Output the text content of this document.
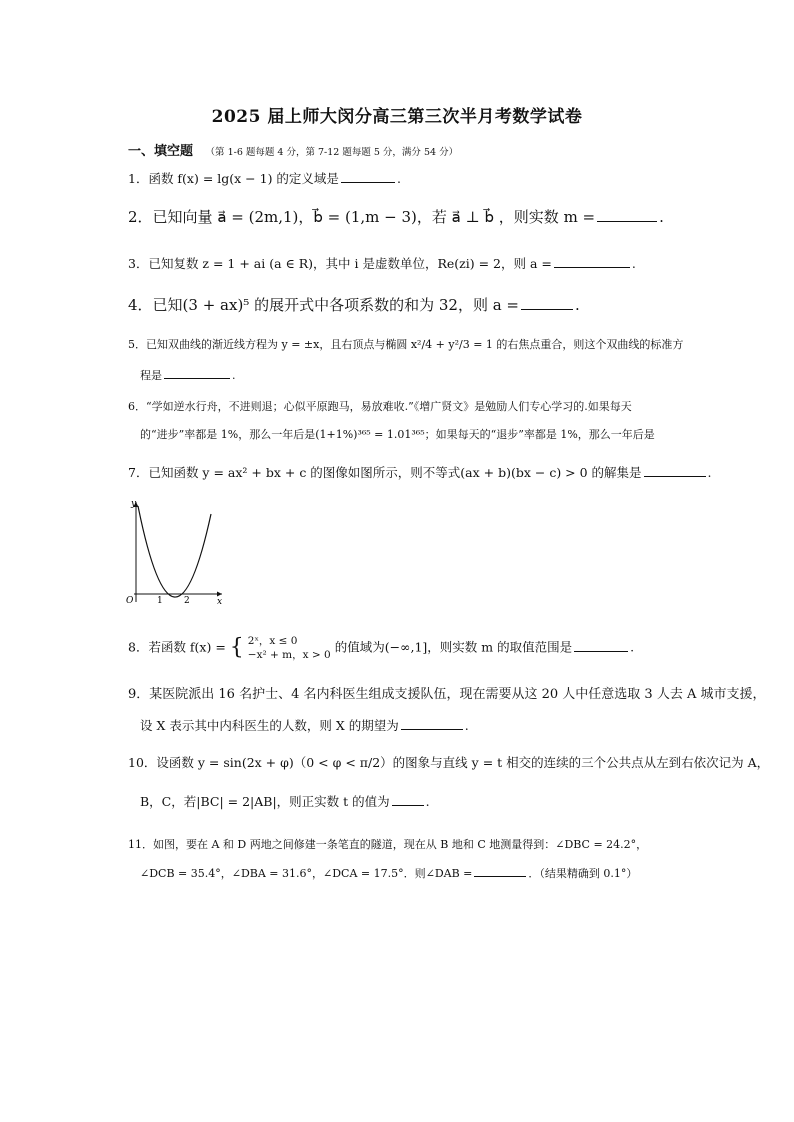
2025 届上师大闵分高三第三次半月考数学试卷
一、填空题 （第 1-6 题每题 4 分，第 7-12 题每题 5 分，满分 54 分）
1．函数 f(x) = lg(x − 1) 的定义域是	.
2．已知向量 a⃗ = (2m,1)，b⃗ = (1,m − 3)，若 a⃗ ⊥ b⃗ ，则实数 m =	.
3．已知复数 z = 1 + ai (a ∈ R)，其中 i 是虚数单位，Re(zi) = 2，则 a =	.
4．已知(3 + ax)⁵ 的展开式中各项系数的和为 32，则 a =	.
5．已知双曲线的渐近线方程为 y = ±x，且右顶点与椭圆 x²/4 + y²/3 = 1 的右焦点重合，则这个双曲线的标准方
程是	.
6．“学如逆水行舟，不进则退；心似平原跑马，易放难收.”《增广贤文》是勉励人们专心学习的.如果每天
的“进步”率都是 1%，那么一年后是(1+1%)³⁶⁵ = 1.01³⁶⁵；如果每天的“退步”率都是 1%，那么一年后是
7．已知函数 y = ax² + bx + c 的图像如图所示，则不等式(ax + b)(bx − c) > 0 的解集是	.
y
x
O	1 2
8．若函数 f(x) = { 2ˣ，x ≤ 0
−x² + m，x > 0
的值域为(−∞,1]，则实数 m 的取值范围是	.
9．某医院派出 16 名护士、4 名内科医生组成支援队伍，现在需要从这 20 人中任意选取 3 人去 A 城市支援，
设 X 表示其中内科医生的人数，则 X 的期望为	.
10．设函数 y = sin(2x + φ)（0 < φ < π/2）的图象与直线 y = t 相交的连续的三个公共点从左到右依次记为 A，
B，C，若|BC| = 2|AB|，则正实数 t 的值为	.
11．如图，要在 A 和 D 两地之间修建一条笔直的隧道，现在从 B 地和 C 地测量得到：∠DBC = 24.2°，
∠DCB = 35.4°，∠DBA = 31.6°，∠DCA = 17.5°．则∠DAB =	．（结果精确到 0.1°）
